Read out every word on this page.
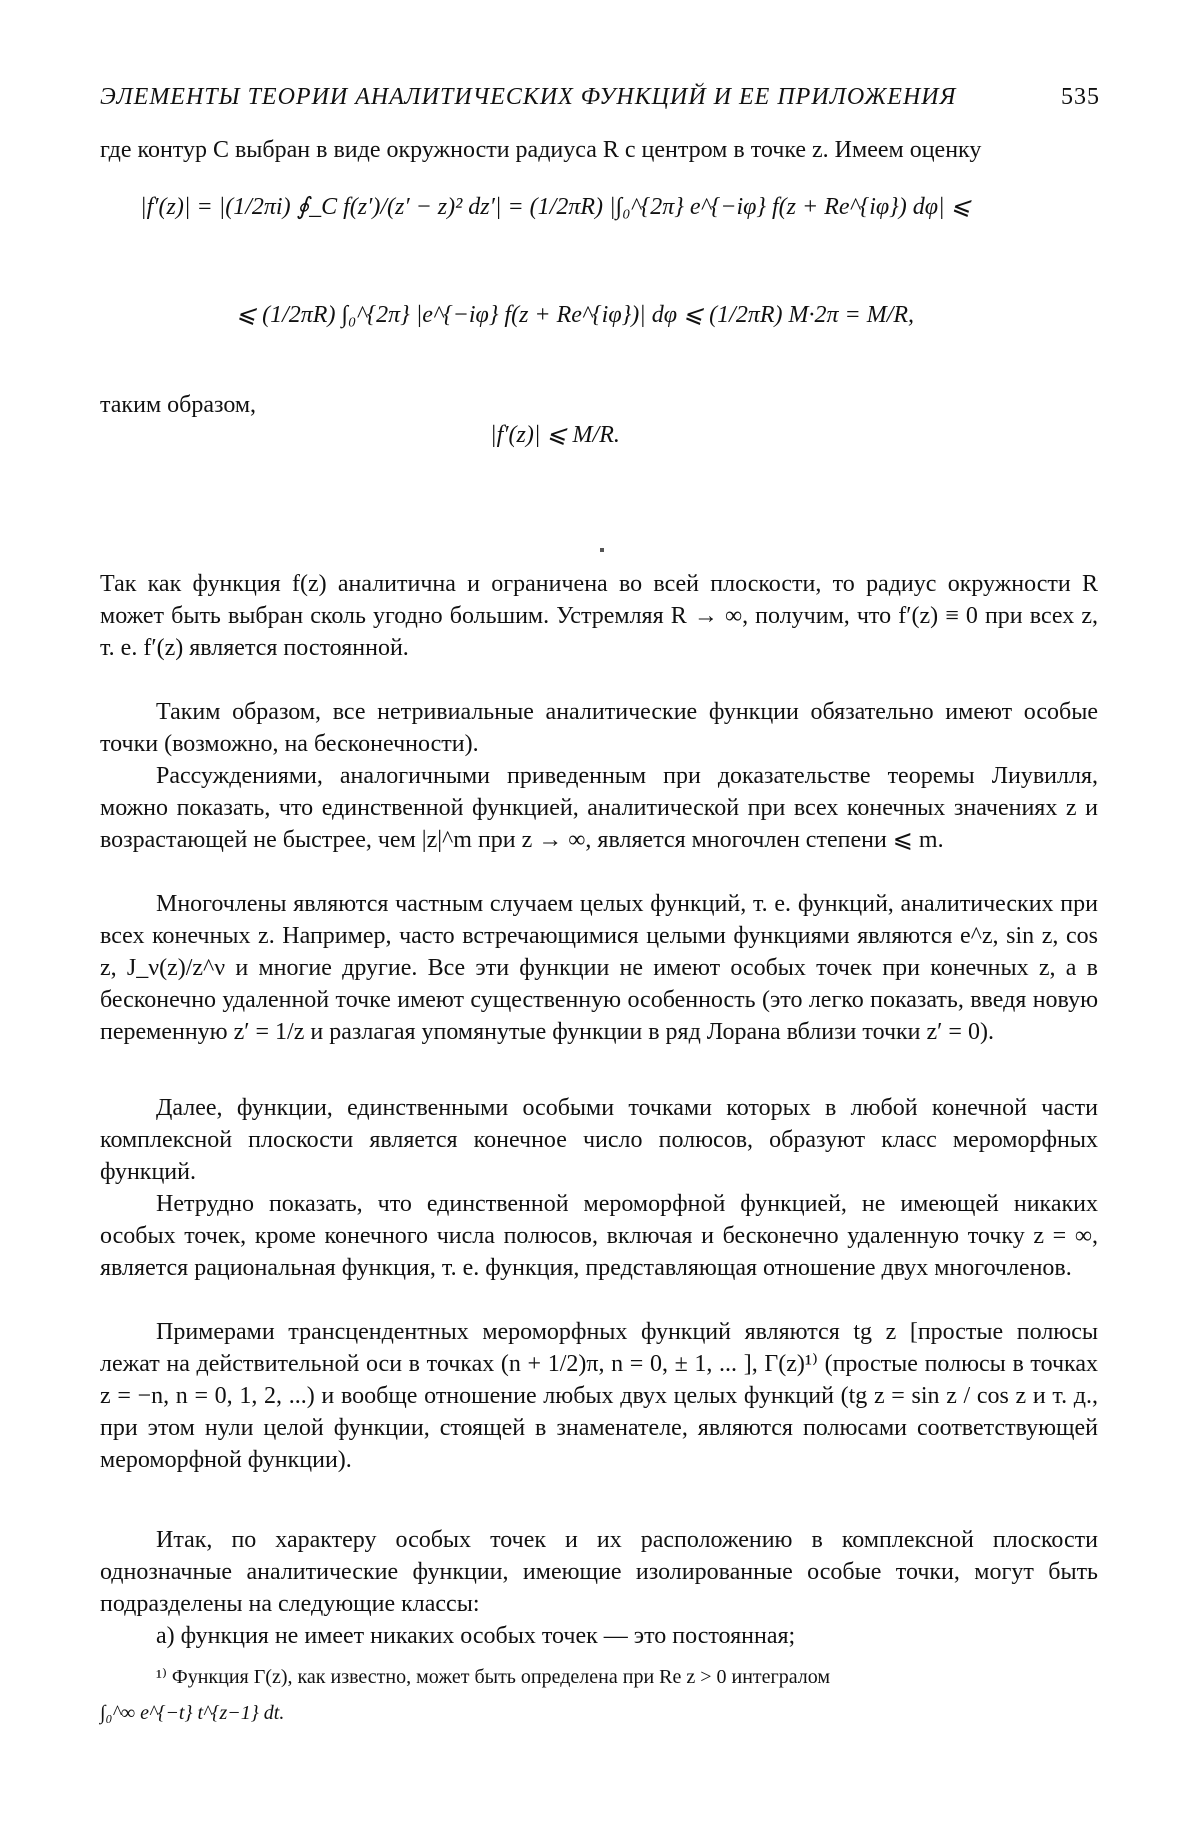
ЭЛЕМЕНТЫ ТЕОРИИ АНАЛИТИЧЕСКИХ ФУНКЦИЙ И ЕЕ ПРИЛОЖЕНИЯ	535
где контур C выбран в виде окружности радиуса R с центром в точке z. Имеем оценку
|f′(z)| = |(1/2πi) ∮_C f(z′)/(z′ − z)² dz′| = (1/2πR) |∫₀^{2π} e^{−iφ} f(z + Re^{iφ}) dφ| ⩽
⩽ (1/2πR) ∫₀^{2π} |e^{−iφ} f(z + Re^{iφ})| dφ ⩽ (1/2πR) M·2π = M/R,
таким образом,
|f′(z)| ⩽ M/R.
Так как функция f(z) аналитична и ограничена во всей плоскости, то радиус окружности R может быть выбран сколь угодно большим. Устремляя R → ∞, получим, что f′(z) ≡ 0 при всех z, т. е. f′(z) является постоянной.
Таким образом, все нетривиальные аналитические функции обязательно имеют особые точки (возможно, на бесконечности).
Рассуждениями, аналогичными приведенным при доказательстве теоремы Лиувилля, можно показать, что единственной функцией, аналитической при всех конечных значениях z и возрастающей не быстрее, чем |z|^m при z → ∞, является многочлен степени ⩽ m.
Многочлены являются частным случаем целых функций, т. е. функций, аналитических при всех конечных z. Например, часто встречающимися целыми функциями являются e^z, sin z, cos z, J_ν(z)/z^ν и многие другие. Все эти функции не имеют особых точек при конечных z, а в бесконечно удаленной точке имеют существенную особенность (это легко показать, введя новую переменную z′ = 1/z и разлагая упомянутые функции в ряд Лорана вблизи точки z′ = 0).
Далее, функции, единственными особыми точками которых в любой конечной части комплексной плоскости является конечное число полюсов, образуют класс мероморфных функций.
Нетрудно показать, что единственной мероморфной функцией, не имеющей никаких особых точек, кроме конечного числа полюсов, включая и бесконечно удаленную точку z = ∞, является рациональная функция, т. е. функция, представляющая отношение двух многочленов.
Примерами трансцендентных мероморфных функций являются tg z [простые полюсы лежат на действительной оси в точках (n + 1/2)π, n = 0, ± 1, ... ], Γ(z)¹⁾ (простые полюсы в точках z = −n, n = 0, 1, 2, ...) и вообще отношение любых двух целых функций (tg z = sin z / cos z и т. д., при этом нули целой функции, стоящей в знаменателе, являются полюсами соответствующей мероморфной функции).
Итак, по характеру особых точек и их расположению в комплексной плоскости однозначные аналитические функции, имеющие изолированные особые точки, могут быть подразделены на следующие классы:
а) функция не имеет никаких особых точек — это постоянная;
¹⁾ Функция Γ(z), как известно, может быть определена при Re z > 0 интегралом
∫₀^∞ e^{−t} t^{z−1} dt.
